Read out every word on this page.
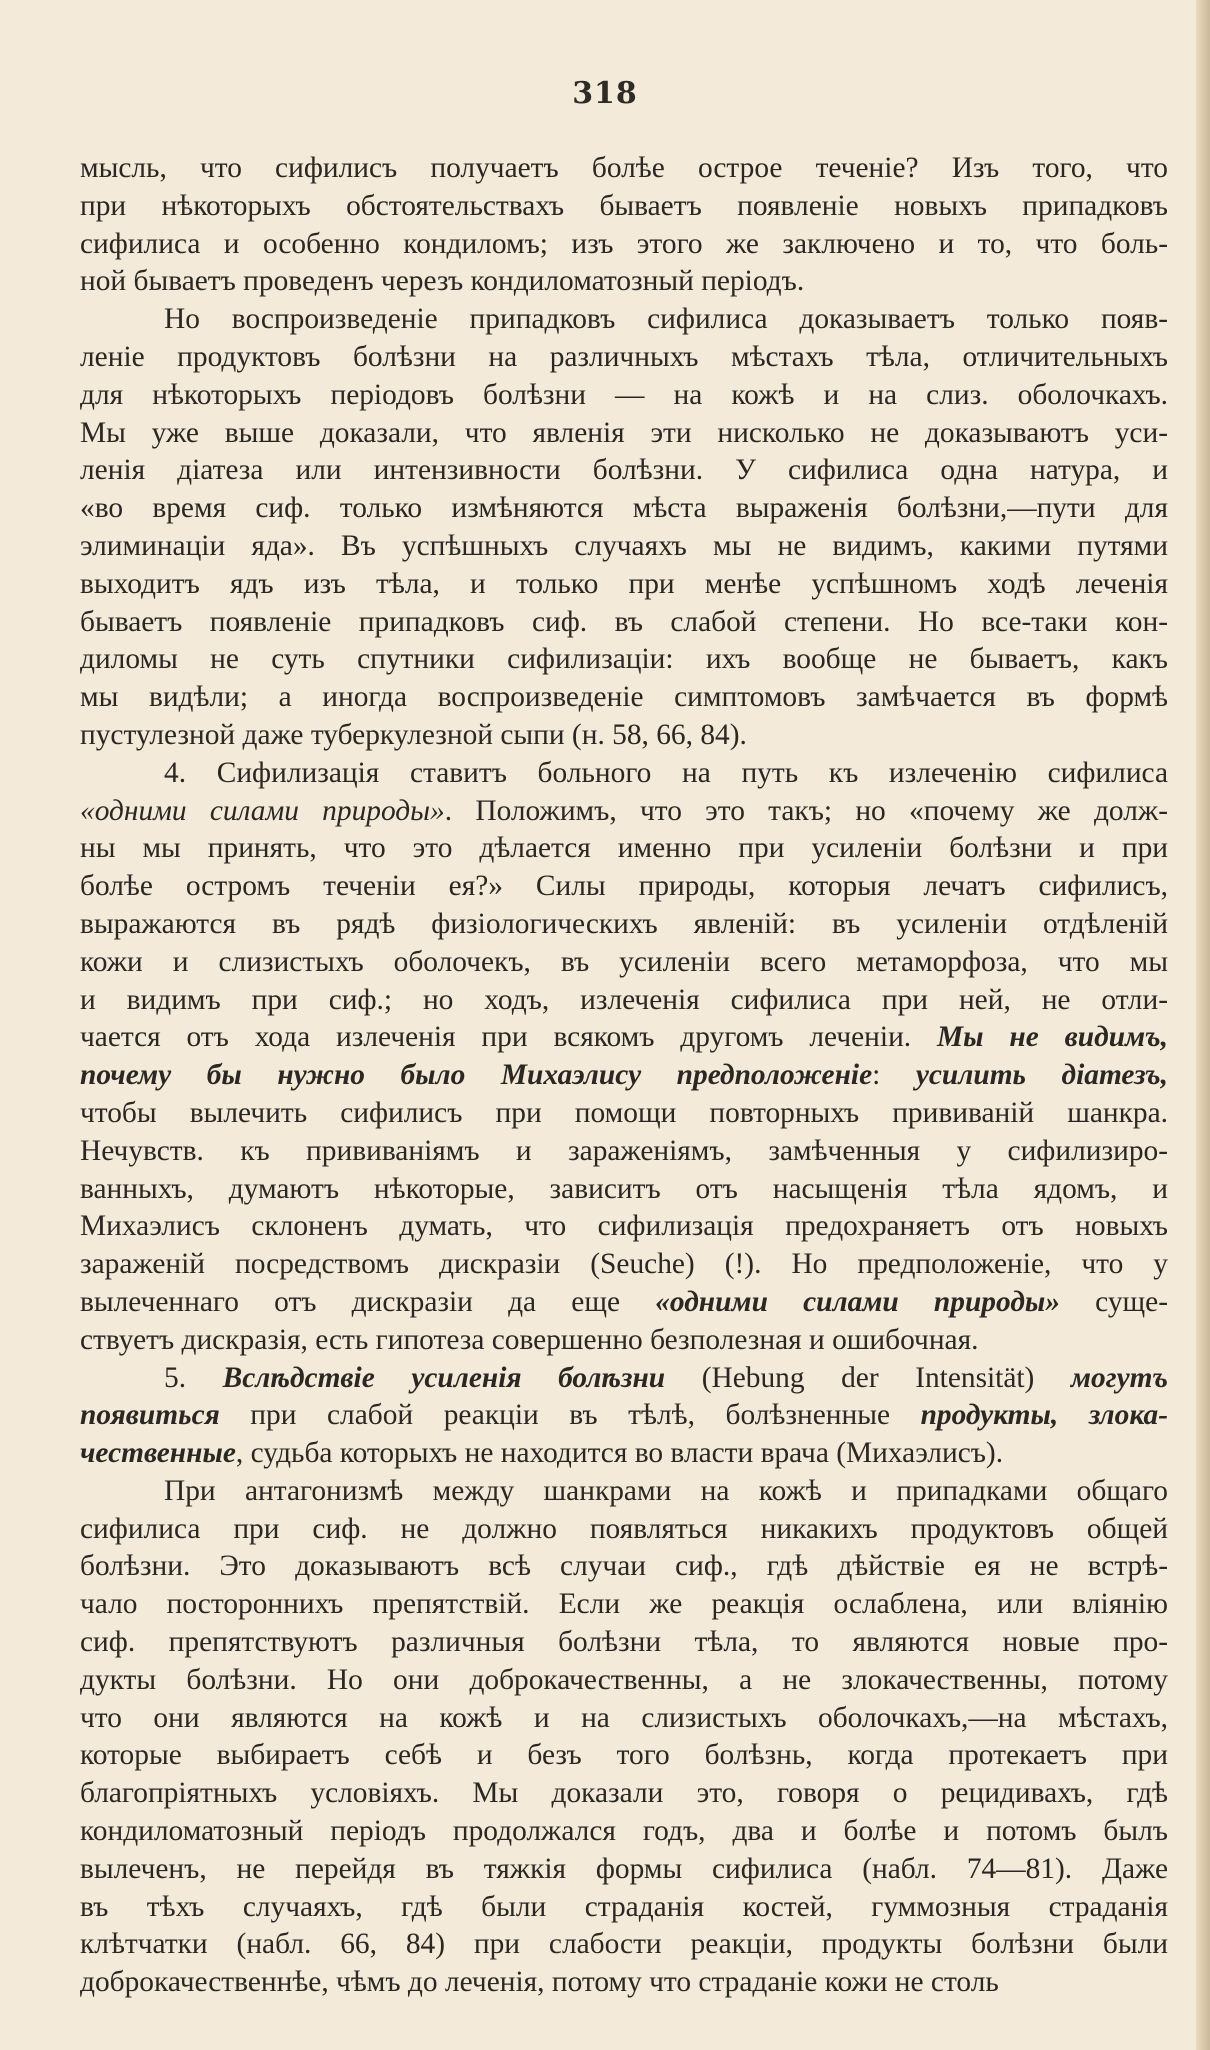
318

мысль, что сифилисъ получаетъ болѣе острое теченіе? Изъ того, что
при нѣкоторыхъ обстоятельствахъ бываетъ появленіе новыхъ припадковъ
сифилиса и особенно кондиломъ; изъ этого же заключено и то, что боль-
ной бываетъ проведенъ черезъ кондиломатозный періодъ.

Но воспроизведеніе припадковъ сифилиса доказываетъ только появ-
леніе продуктовъ болѣзни на различныхъ мѣстахъ тѣла, отличительныхъ
для нѣкоторыхъ періодовъ болѣзни — на кожѣ и на слиз. оболочкахъ.
Мы уже выше доказали, что явленія эти нисколько не доказываютъ уси-
ленія діатеза или интензивности болѣзни. У сифилиса одна натура, и
«во время сиф. только измѣняются мѣста выраженія болѣзни,—пути для
элиминаціи яда». Въ успѣшныхъ случаяхъ мы не видимъ, какими путями
выходитъ ядъ изъ тѣла, и только при менѣе успѣшномъ ходѣ леченія
бываетъ появленіе припадковъ сиф. въ слабой степени. Но все-таки кон-
диломы не суть спутники сифилизаціи: ихъ вообще не бываетъ, какъ
мы видѣли; а иногда воспроизведеніе симптомовъ замѣчается въ формѣ
пустулезной даже туберкулезной сыпи (н. 58, 66, 84).

4. Сифилизація ставитъ больного на путь къ излеченію сифилиса
«одними силами природы». Положимъ, что это такъ; но «почему же долж-
ны мы принять, что это дѣлается именно при усиленіи болѣзни и при
болѣе остромъ теченіи ея?» Силы природы, которыя лечатъ сифилисъ,
выражаются въ рядѣ физіологическихъ явленій: въ усиленіи отдѣленій
кожи и слизистыхъ оболочекъ, въ усиленіи всего метаморфоза, что мы
и видимъ при сиф.; но ходъ, излеченія сифилиса при ней, не отли-
чается отъ хода излеченія при всякомъ другомъ леченіи. Мы не видимъ,
почему бы нужно было Михаэлису предположеніе: усилить діатезъ,
чтобы вылечить сифилисъ при помощи повторныхъ прививаній шанкра.
Нечувств. къ прививаніямъ и зараженіямъ, замѣченныя у сифилизиро-
ванныхъ, думаютъ нѣкоторые, зависитъ отъ насыщенія тѣла ядомъ, и
Михаэлисъ склоненъ думать, что сифилизація предохраняетъ отъ новыхъ
зараженій посредствомъ дискразіи (Seuche) (!). Но предположеніе, что у
вылеченнаго отъ дискразіи да еще «одними силами природы» суще-
ствуетъ дискразія, есть гипотеза совершенно безполезная и ошибочная.

5. Вслѣдствіе усиленія болѣзни (Hebung der Intensität) могутъ
появиться при слабой реакціи въ тѣлѣ, болѣзненные продукты, злока-
чественные, судьба которыхъ не находится во власти врача (Михаэлисъ).

При антагонизмѣ между шанкрами на кожѣ и припадками общаго
сифилиса при сиф. не должно появляться никакихъ продуктовъ общей
болѣзни. Это доказываютъ всѣ случаи сиф., гдѣ дѣйствіе ея не встрѣ-
чало постороннихъ препятствій. Если же реакція ослаблена, или вліянію
сиф. препятствуютъ различныя болѣзни тѣла, то являются новые про-
дукты болѣзни. Но они доброкачественны, а не злокачественны, потому
что они являются на кожѣ и на слизистыхъ оболочкахъ,—на мѣстахъ,
которые выбираетъ себѣ и безъ того болѣзнь, когда протекаетъ при
благопріятныхъ условіяхъ. Мы доказали это, говоря о рецидивахъ, гдѣ
кондиломатозный періодъ продолжался годъ, два и болѣе и потомъ былъ
вылеченъ, не перейдя въ тяжкія формы сифилиса (набл. 74—81). Даже
въ тѣхъ случаяхъ, гдѣ были страданія костей, гуммозныя страданія
клѣтчатки (набл. 66, 84) при слабости реакціи, продукты болѣзни были
доброкачественнѣе, чѣмъ до леченія, потому что страданіе кожи не столь
